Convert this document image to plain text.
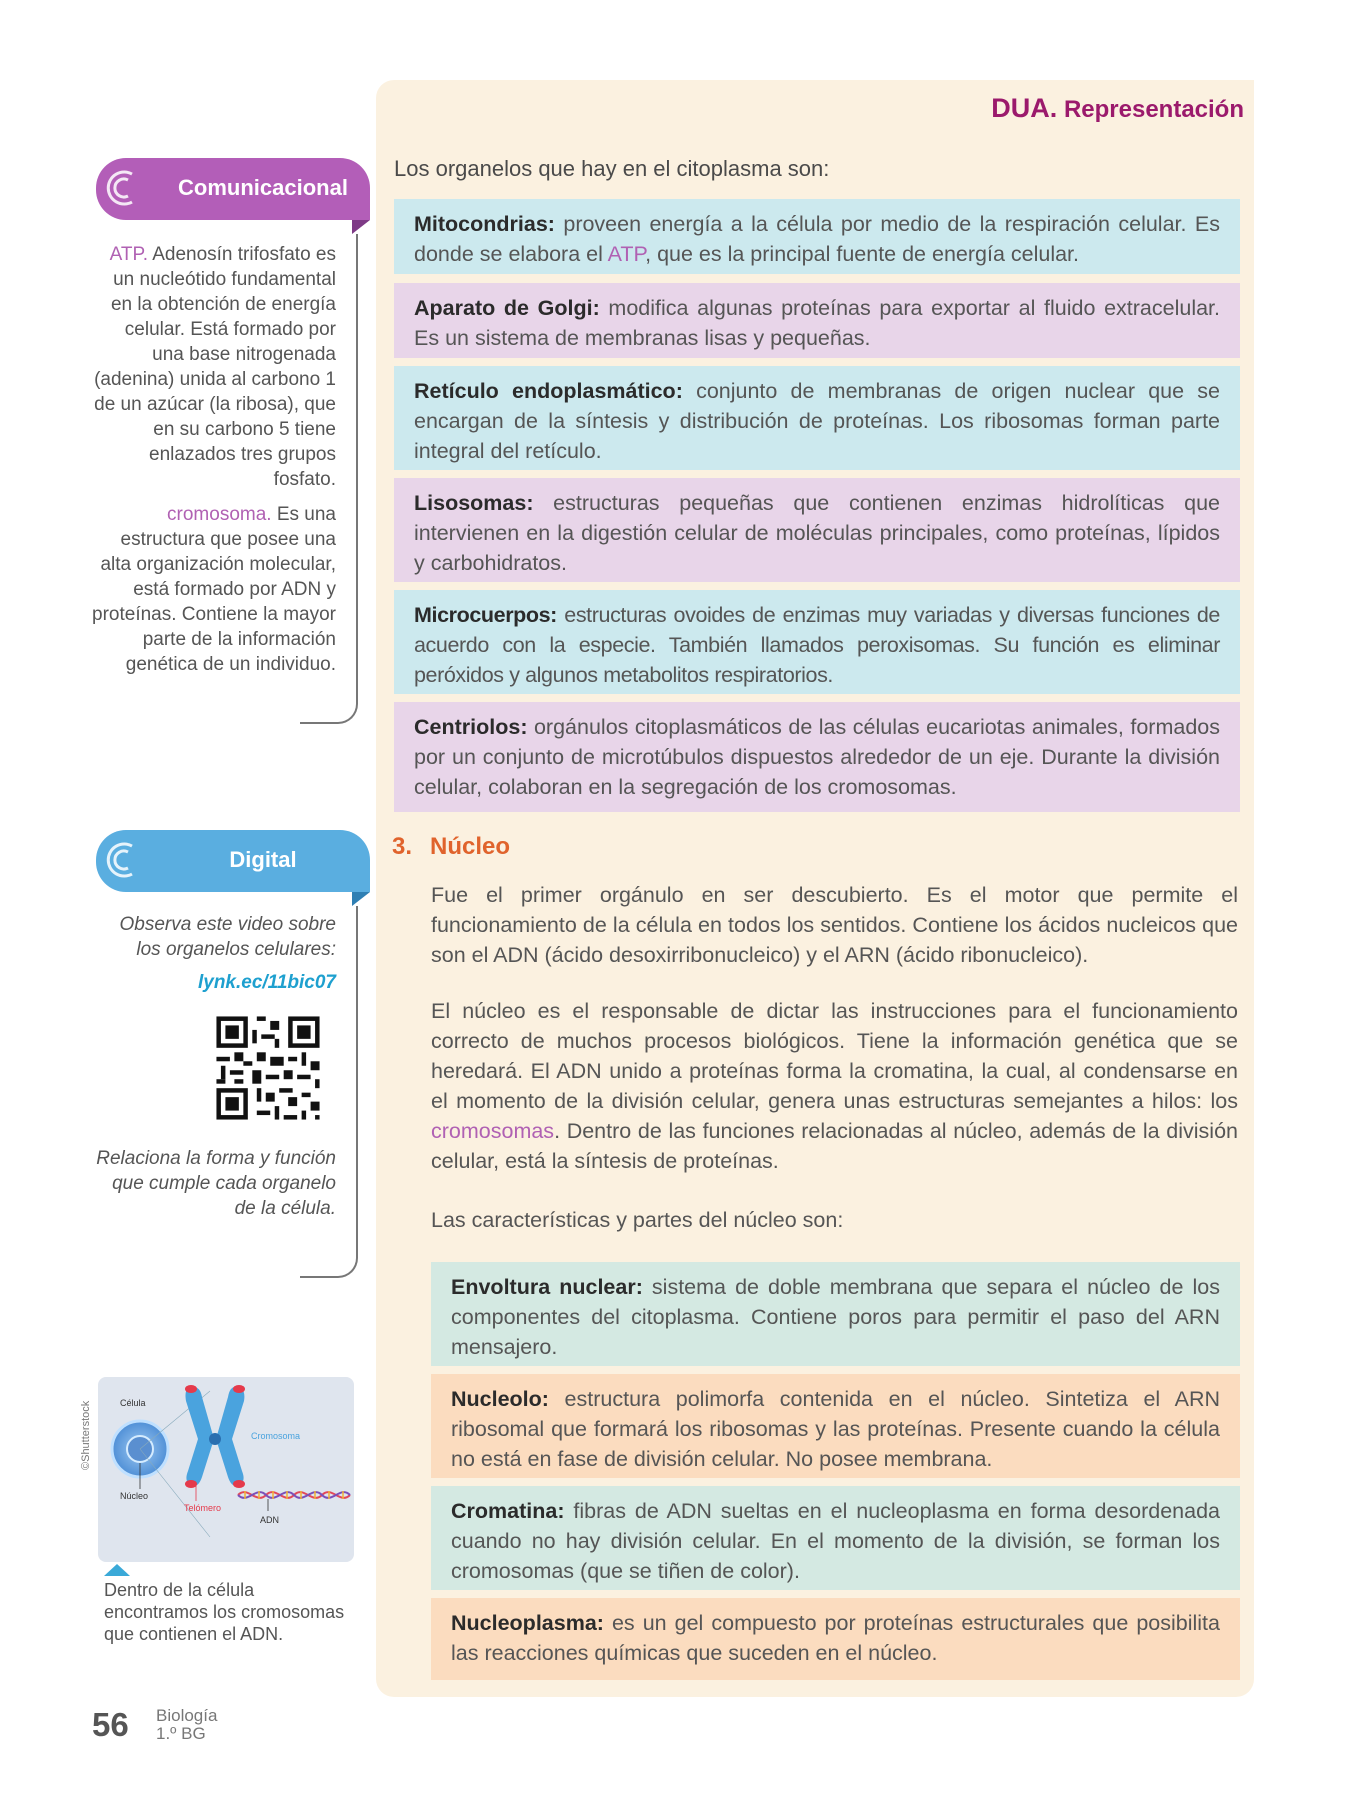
DUA. Representación
Los organelos que hay en el citoplasma son:
Mitocondrias: proveen energía a la célula por medio de la respiración celular. Es donde se elabora el ATP, que es la principal fuente de energía celular.
Aparato de Golgi: modifica algunas proteínas para exportar al fluido extracelular. Es un sistema de membranas lisas y pequeñas.
Retículo endoplasmático: conjunto de membranas de origen nuclear que se encargan de la síntesis y distribución de proteínas. Los ribosomas forman parte integral del retículo.
Lisosomas: estructuras pequeñas que contienen enzimas hidrolíticas que intervienen en la digestión celular de moléculas principales, como proteínas, lípidos y carbohidratos.
Microcuerpos: estructuras ovoides de enzimas muy variadas y diversas funciones de acuerdo con la especie. También llamados peroxisomas. Su función es eliminar peróxidos y algunos metabolitos respiratorios.
Centriolos: orgánulos citoplasmáticos de las células eucariotas animales, formados por un conjunto de microtúbulos dispuestos alrededor de un eje. Durante la división celular, colaboran en la segregación de los cromosomas.
3. Núcleo
Fue el primer orgánulo en ser descubierto. Es el motor que permite el funcionamiento de la célula en todos los sentidos. Contiene los ácidos nucleicos que son el ADN (ácido desoxirribonucleico) y el ARN (ácido ribonucleico).
El núcleo es el responsable de dictar las instrucciones para el funcionamiento correcto de muchos procesos biológicos. Tiene la información genética que se heredará. El ADN unido a proteínas forma la cromatina, la cual, al condensarse en el momento de la división celular, genera unas estructuras semejantes a hilos: los cromosomas. Dentro de las funciones relacionadas al núcleo, además de la división celular, está la síntesis de proteínas.
Las características y partes del núcleo son:
Envoltura nuclear: sistema de doble membrana que separa el núcleo de los componentes del citoplasma. Contiene poros para permitir el paso del ARN mensajero.
Nucleolo: estructura polimorfa contenida en el núcleo. Sintetiza el ARN ribosomal que formará los ribosomas y las proteínas. Presente cuando la célula no está en fase de división celular. No posee membrana.
Cromatina: fibras de ADN sueltas en el nucleoplasma en forma desordenada cuando no hay división celular. En el momento de la división, se forman los cromosomas (que se tiñen de color).
Nucleoplasma: es un gel compuesto por proteínas estructurales que posibilita las reacciones químicas que suceden en el núcleo.
Comunicacional
ATP. Adenosín trifosfato es un nucleótido fundamental en la obtención de energía celular. Está formado por una base nitrogenada (adenina) unida al carbono 1 de un azúcar (la ribosa), que en su carbono 5 tiene enlazados tres grupos fosfato.
cromosoma. Es una estructura que posee una alta organización molecular, está formado por ADN y proteínas. Contiene la mayor parte de la información genética de un individuo.
Digital
Observa este video sobre los organelos celulares:
lynk.ec/11bic07
Relaciona la forma y función que cumple cada organelo de la célula.
Célula
Cromosoma
Núcleo
Telómero
ADN
©Shutterstock
Dentro de la célula encontramos los cromosomas que contienen el ADN.
56 Biología
1.º BG
